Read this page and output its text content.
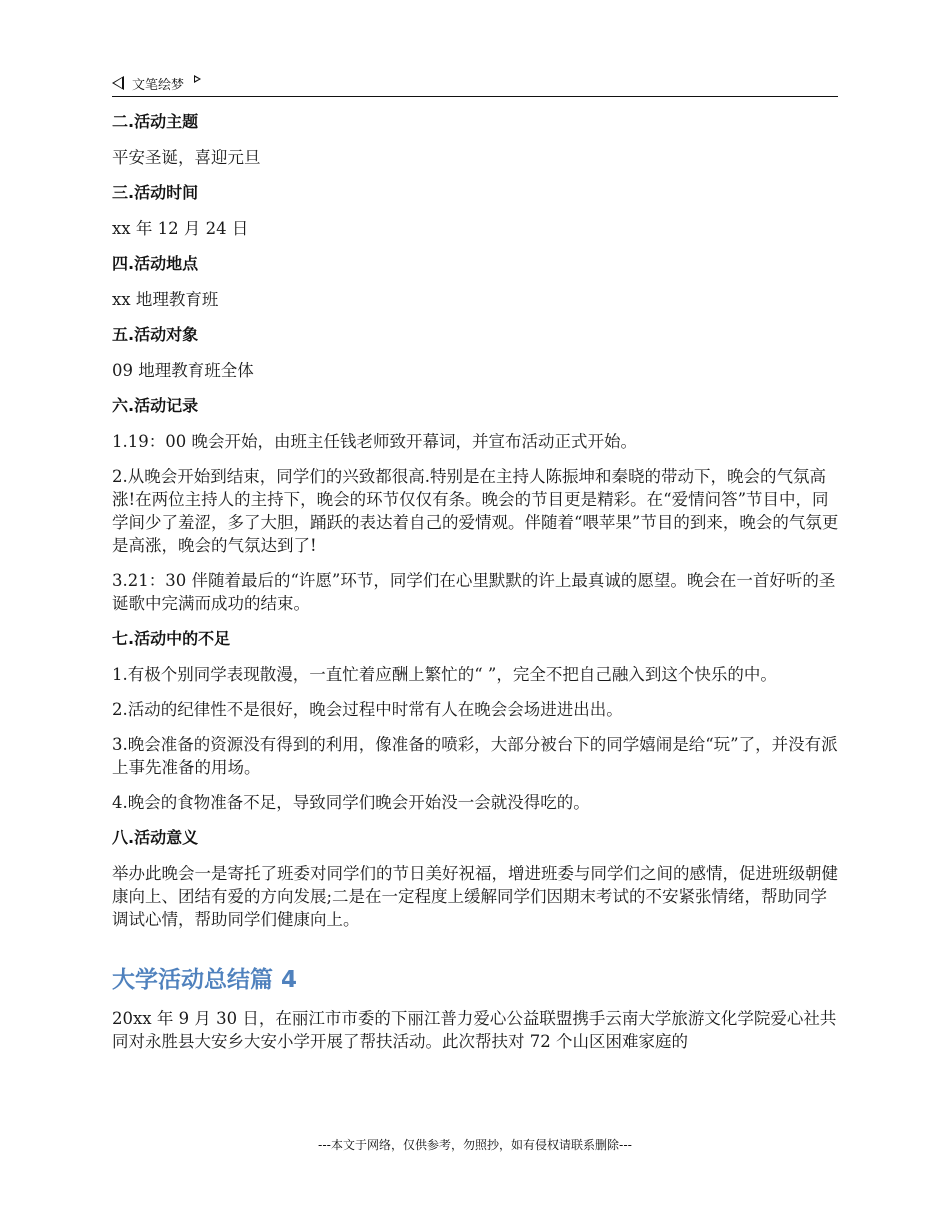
文笔绘梦
二.活动主题
平安圣诞，喜迎元旦
三.活动时间
xx 年 12 月 24 日
四.活动地点
xx 地理教育班
五.活动对象
09 地理教育班全体
六.活动记录
1.19：00 晚会开始，由班主任钱老师致开幕词，并宣布活动正式开始。
2.从晚会开始到结束，同学们的兴致都很高.特别是在主持人陈振坤和秦晓的带动下，晚会的气氛高涨!在两位主持人的主持下，晚会的环节仅仅有条。晚会的节目更是精彩。在“爱情问答”节目中，同学间少了羞涩，多了大胆，踊跃的表达着自己的爱情观。伴随着“喂苹果”节目的到来，晚会的气氛更是高涨，晚会的气氛达到了!
3.21：30 伴随着最后的“许愿”环节，同学们在心里默默的许上最真诚的愿望。晚会在一首好听的圣诞歌中完满而成功的结束。
七.活动中的不足
1.有极个别同学表现散漫，一直忙着应酬上繁忙的“ ”，完全不把自己融入到这个快乐的中。
2.活动的纪律性不是很好，晚会过程中时常有人在晚会会场进进出出。
3.晚会准备的资源没有得到的利用，像准备的喷彩，大部分被台下的同学嬉闹是给“玩”了，并没有派上事先准备的用场。
4.晚会的食物准备不足，导致同学们晚会开始没一会就没得吃的。
八.活动意义
举办此晚会一是寄托了班委对同学们的节日美好祝福，增进班委与同学们之间的感情，促进班级朝健康向上、团结有爱的方向发展;二是在一定程度上缓解同学们因期末考试的不安紧张情绪，帮助同学调试心情，帮助同学们健康向上。
大学活动总结篇 4
20xx 年 9 月 30 日，在丽江市市委的下丽江普力爱心公益联盟携手云南大学旅游文化学院爱心社共同对永胜县大安乡大安小学开展了帮扶活动。此次帮扶对 72 个山区困难家庭的
---本文于网络，仅供参考，勿照抄，如有侵权请联系删除---
